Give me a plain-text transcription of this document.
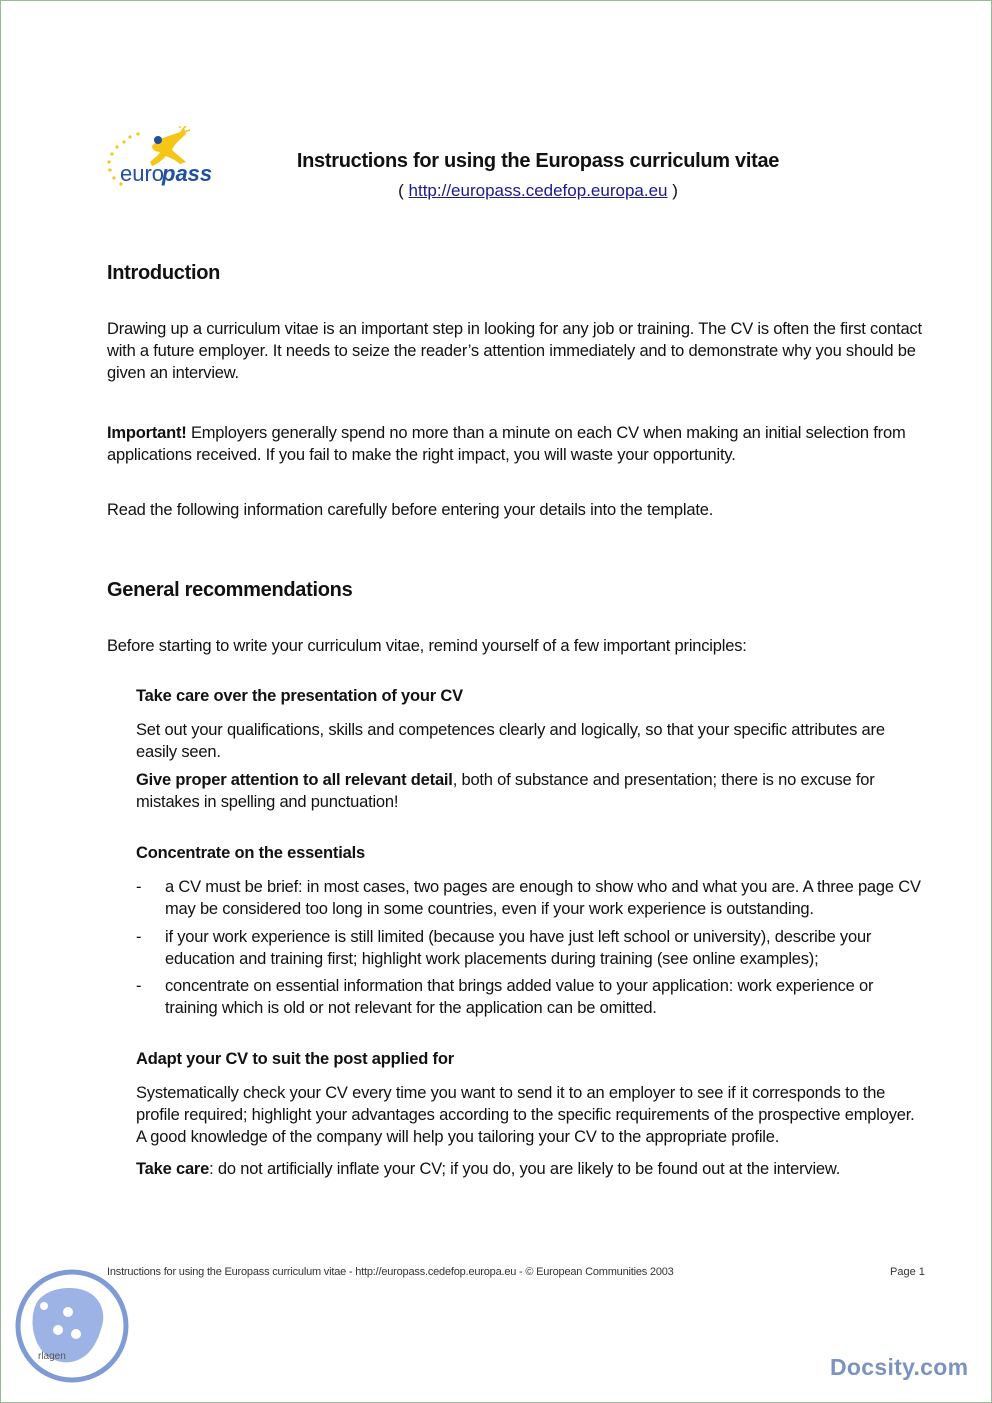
euro
pass	Instructions for using the Europass curriculum vitae
( http://europass.cedefop.europa.eu )
Introduction
Drawing up a curriculum vitae is an important step in looking for any job or training. The CV is often the first contact
with a future employer. It needs to seize the reader’s attention immediately and to demonstrate why you should be
given an interview.
Important! Employers generally spend no more than a minute on each CV when making an initial selection from
applications received. If you fail to make the right impact, you will waste your opportunity.
Read the following information carefully before entering your details into the template.
General recommendations
Before starting to write your curriculum vitae, remind yourself of a few important principles:
Take care over the presentation of your CV
Set out your qualifications, skills and competences clearly and logically, so that your specific attributes are
easily seen.
Give proper attention to all relevant detail, both of substance and presentation; there is no excuse for
mistakes in spelling and punctuation!
Concentrate on the essentials
- a CV must be brief: in most cases, two pages are enough to show who and what you are. A three page CV
may be considered too long in some countries, even if your work experience is outstanding.
- if your work experience is still limited (because you have just left school or university), describe your
education and training first; highlight work placements during training (see online examples);
- concentrate on essential information that brings added value to your application: work experience or
training which is old or not relevant for the application can be omitted.
Adapt your CV to suit the post applied for
Systematically check your CV every time you want to send it to an employer to see if it corresponds to the
profile required; highlight your advantages according to the specific requirements of the prospective employer.
A good knowledge of the company will help you tailoring your CV to the appropriate profile.
Take care: do not artificially inflate your CV; if you do, you are likely to be found out at the interview.
Instructions for using the Europass curriculum vitae - http://europass.cedefop.europa.eu - © European Communities 2003	Page 1
rlagen	Docsity.com
